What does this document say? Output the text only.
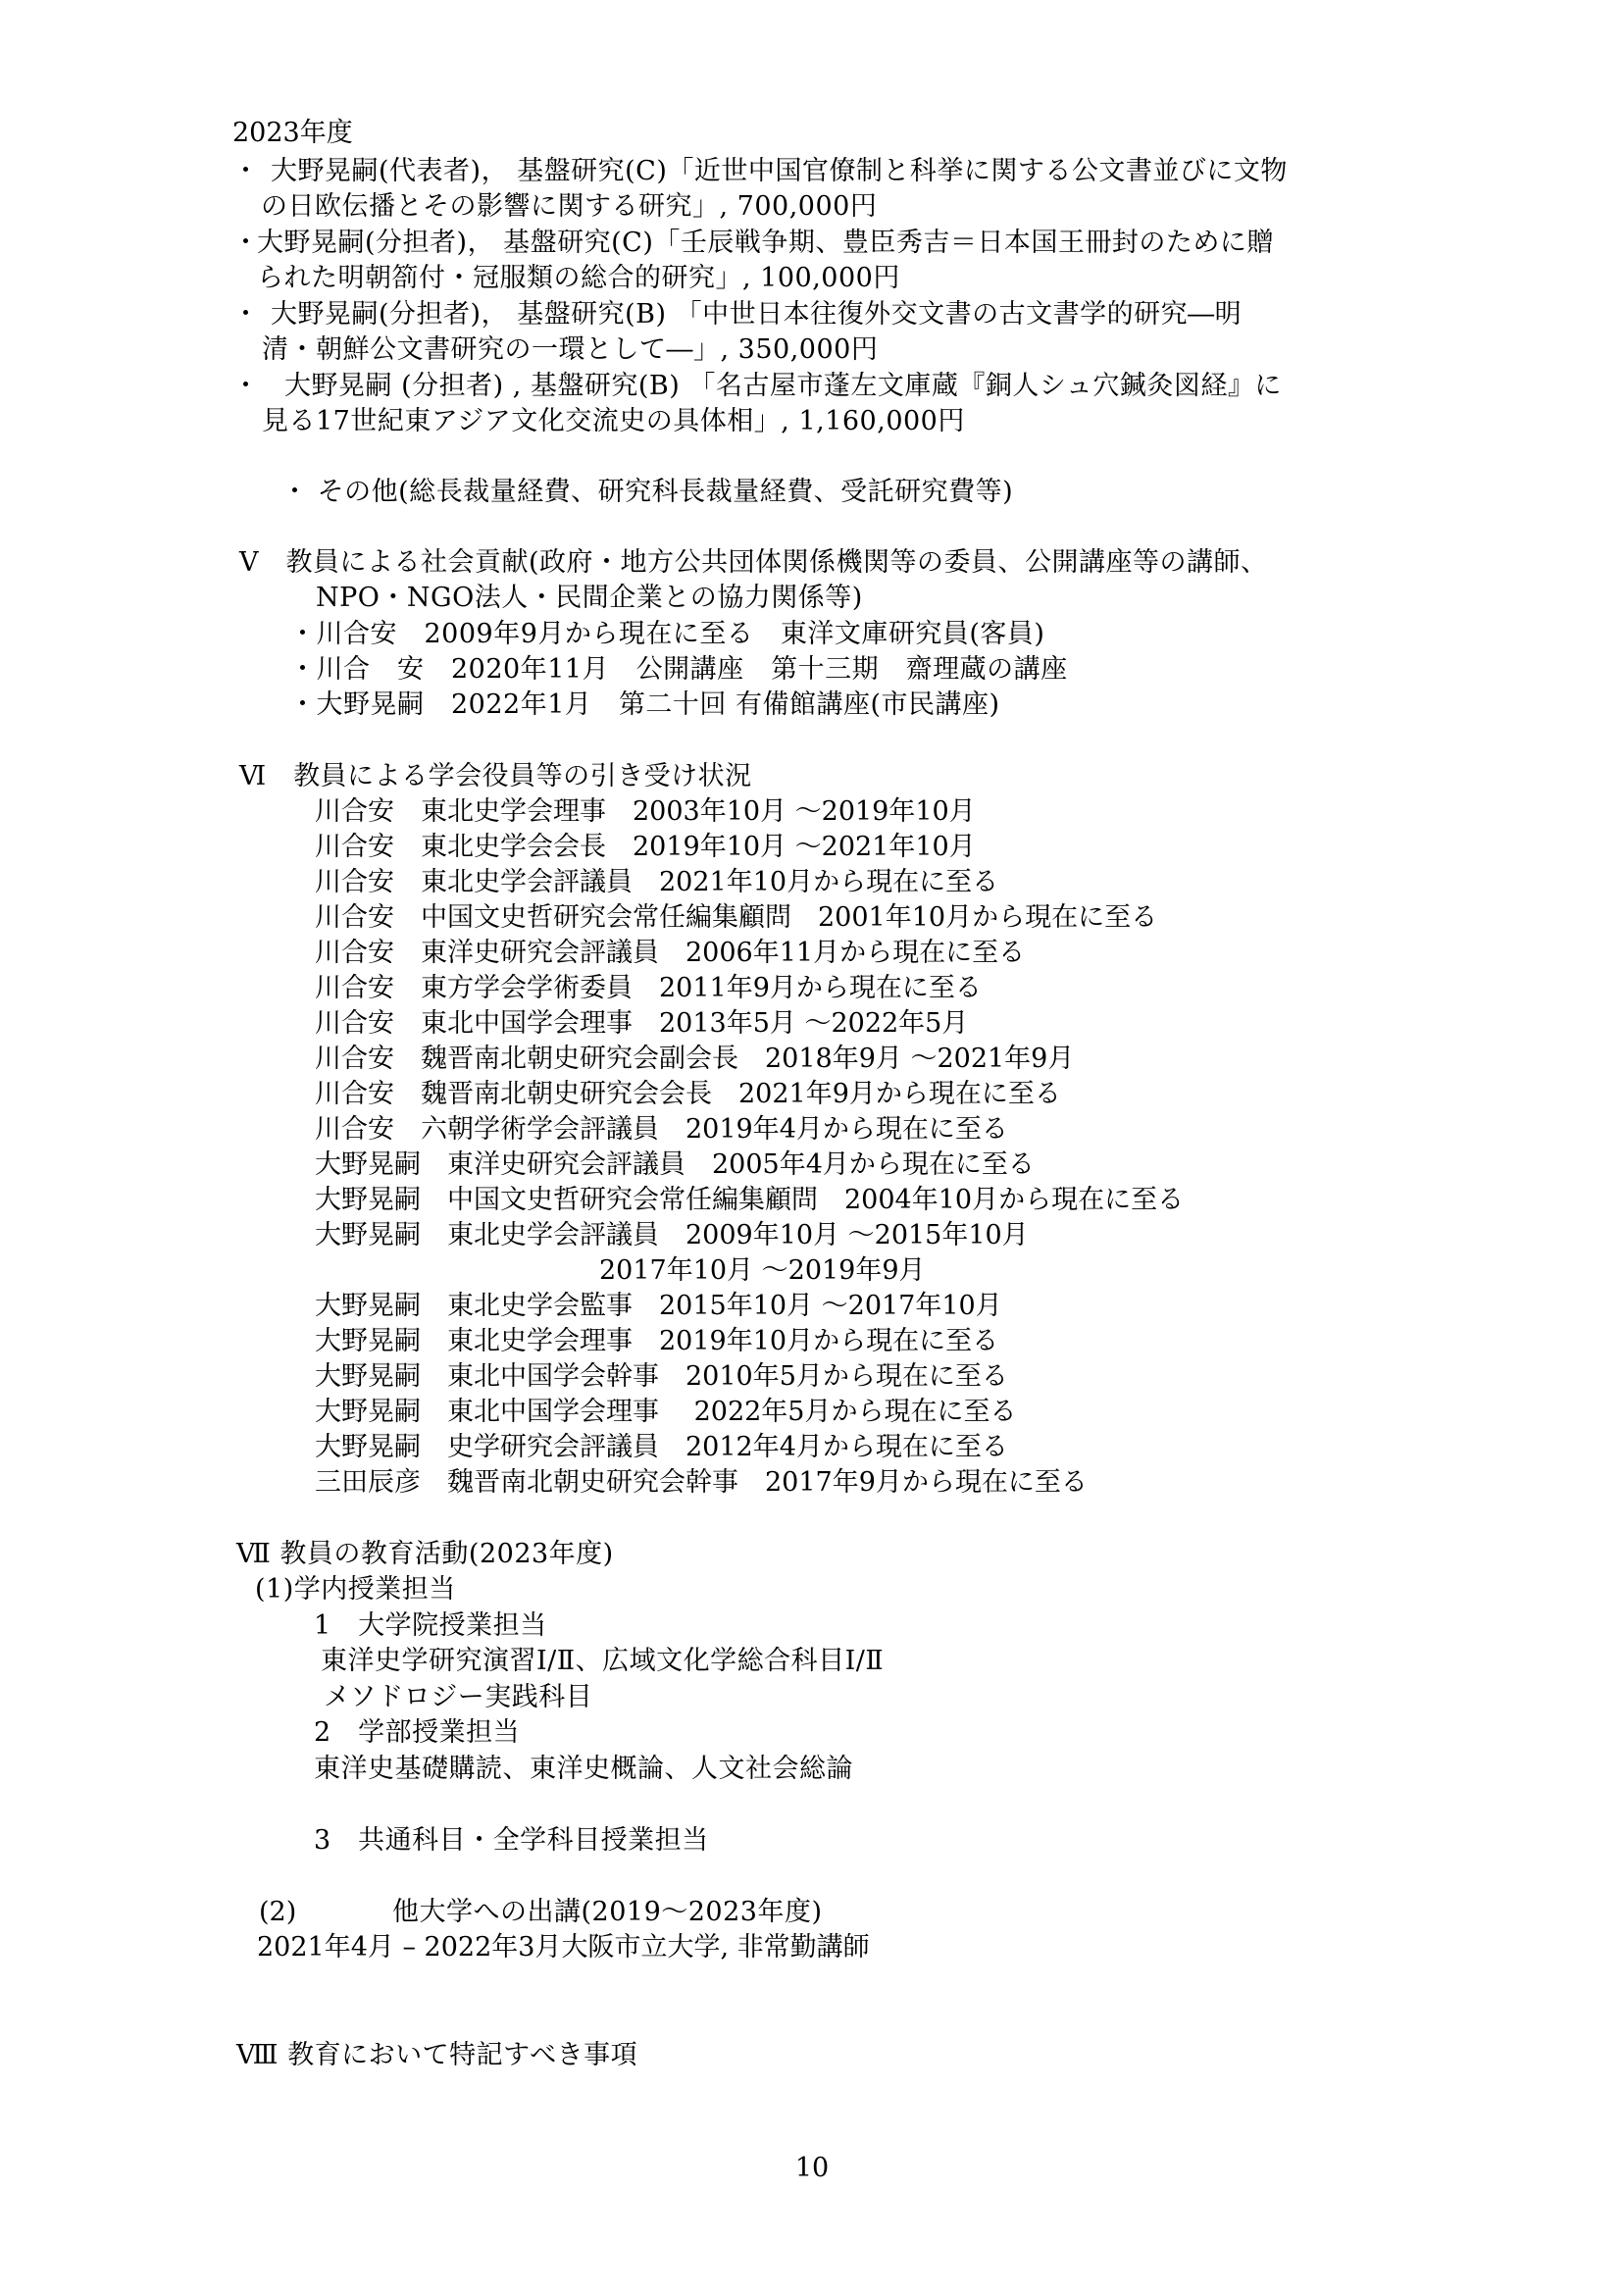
2023年度
・ 大野晃嗣(代表者)， 基盤研究(C)「近世中国官僚制と科挙に関する公文書並びに文物
の日欧伝播とその影響に関する研究」, 700,000円
・
大野晃嗣(分担者)， 基盤研究(C)「壬辰戦争期、豊臣秀吉＝日本国王冊封のために贈
られた明朝箚付・冠服類の総合的研究」, 100,000円
・ 大野晃嗣(分担者)， 基盤研究(B) 「中世日本往復外交文書の古文書学的研究―明
清・朝鮮公文書研究の一環として―」, 350,000円
・ 大野晃嗣 (分担者) , 基盤研究(B) 「名古屋市蓬左文庫蔵『銅人シュ穴鍼灸図経』に
見る17世紀東アジア文化交流史の具体相」, 1,160,000円
・ その他(総長裁量経費、研究科長裁量経費、受託研究費等)
Ⅴ　教員による社会貢献(政府・地方公共団体関係機関等の委員、公開講座等の講師、
NPO・NGO法人・民間企業との協力関係等)
・川合安　2009年9月から現在に至る　東洋文庫研究員(客員)
・川合　安　2020年11月　公開講座　第十三期　齋理蔵の講座
・大野晃嗣　2022年1月　第二十回 有備館講座(市民講座)
Ⅵ　教員による学会役員等の引き受け状況
川合安　東北史学会理事　2003年10月 〜2019年10月
川合安　東北史学会会長　2019年10月 〜2021年10月
川合安　東北史学会評議員　2021年10月から現在に至る
川合安　中国文史哲研究会常任編集顧問　2001年10月から現在に至る
川合安　東洋史研究会評議員　2006年11月から現在に至る
川合安　東方学会学術委員　2011年9月から現在に至る
川合安　東北中国学会理事　2013年5月 〜2022年5月
川合安　魏晋南北朝史研究会副会長　2018年9月 〜2021年9月
川合安　魏晋南北朝史研究会会長　2021年9月から現在に至る
川合安　六朝学術学会評議員　2019年4月から現在に至る
大野晃嗣　東洋史研究会評議員　2005年4月から現在に至る
大野晃嗣　中国文史哲研究会常任編集顧問　2004年10月から現在に至る
大野晃嗣　東北史学会評議員　2009年10月 〜2015年10月
2017年10月 〜2019年9月
大野晃嗣　東北史学会監事　2015年10月 〜2017年10月
大野晃嗣　東北史学会理事　2019年10月から現在に至る
大野晃嗣　東北中国学会幹事　2010年5月から現在に至る
大野晃嗣　東北中国学会理事　 2022年5月から現在に至る
大野晃嗣　史学研究会評議員　2012年4月から現在に至る
三田辰彦　魏晋南北朝史研究会幹事　2017年9月から現在に至る
Ⅶ 教員の教育活動(2023年度)
(1)学内授業担当
1　大学院授業担当
東洋史学研究演習Ⅰ/Ⅱ、広域文化学総合科目Ⅰ/Ⅱ
メソドロジー実践科目
2　学部授業担当
東洋史基礎購読、東洋史概論、人文社会総論
3　共通科目・全学科目授業担当
(2)	他大学への出講(2019〜2023年度)
2021年4月 – 2022年3月大阪市立大学, 非常勤講師
Ⅷ 教育において特記すべき事項
10
